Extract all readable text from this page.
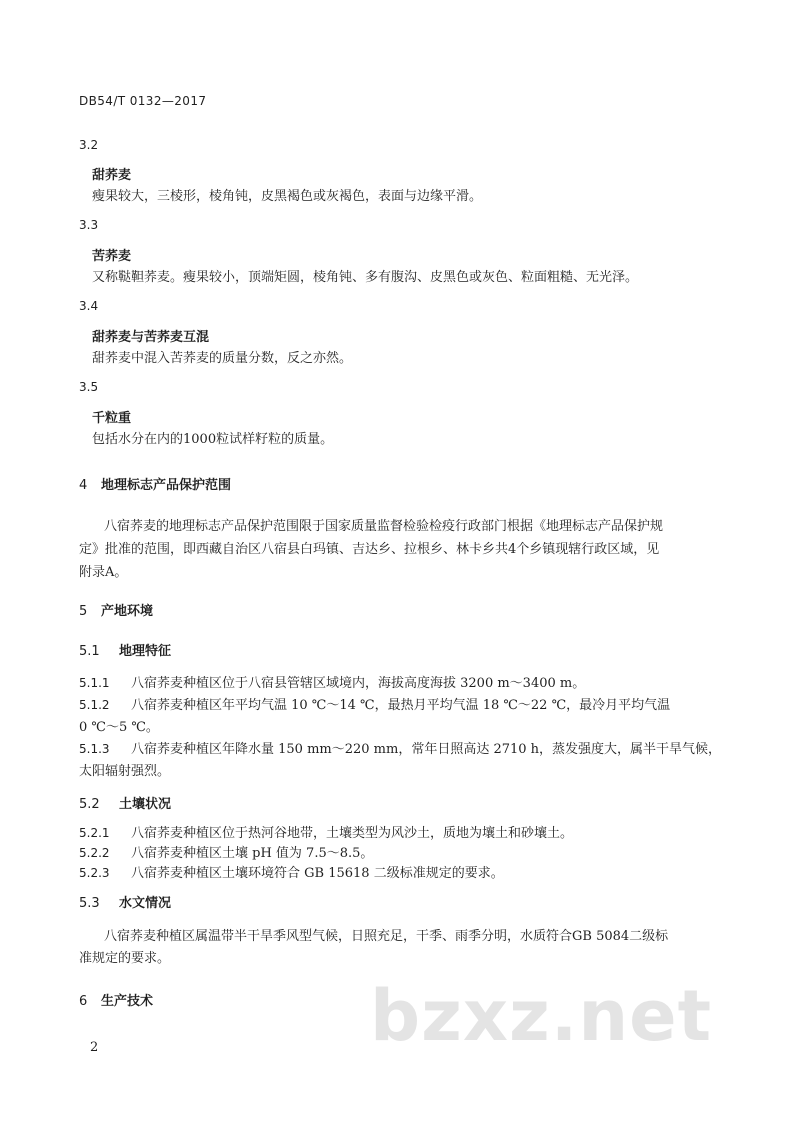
DB54/T 0132—2017
3.2
甜荞麦
瘦果较大，三棱形，棱角钝，皮黑褐色或灰褐色，表面与边缘平滑。
3.3
苦荞麦
又称鞑靼荞麦。瘦果较小，顶端矩圆，棱角钝、多有腹沟、皮黑色或灰色、粒面粗糙、无光泽。
3.4
甜荞麦与苦荞麦互混
甜荞麦中混入苦荞麦的质量分数，反之亦然。
3.5
千粒重
包括水分在内的1000粒试样籽粒的质量。
4 地理标志产品保护范围
八宿荞麦的地理标志产品保护范围限于国家质量监督检验检疫行政部门根据《地理标志产品保护规
定》批准的范围，即西藏自治区八宿县白玛镇、吉达乡、拉根乡、林卡乡共4个乡镇现辖行政区域，见
附录A。
5 产地环境
5.1 地理特征
5.1.1 八宿荞麦种植区位于八宿县管辖区域境内，海拔高度海拔 3200 m～3400 m。
5.1.2 八宿荞麦种植区年平均气温 10 ℃～14 ℃，最热月平均气温 18 ℃～22 ℃，最冷月平均气温
0 ℃～5 ℃。
5.1.3 八宿荞麦种植区年降水量 150 mm～220 mm，常年日照高达 2710 h，蒸发强度大，属半干旱气候，
太阳辐射强烈。
5.2 土壤状况
5.2.1 八宿荞麦种植区位于热河谷地带，土壤类型为风沙土，质地为壤土和砂壤土。
5.2.2 八宿荞麦种植区土壤 pH 值为 7.5～8.5。
5.2.3 八宿荞麦种植区土壤环境符合 GB 15618 二级标准规定的要求。
5.3 水文情况
八宿荞麦种植区属温带半干旱季风型气候，日照充足，干季、雨季分明，水质符合GB 5084二级标
准规定的要求。
6 生产技术	bzxz.net
2
